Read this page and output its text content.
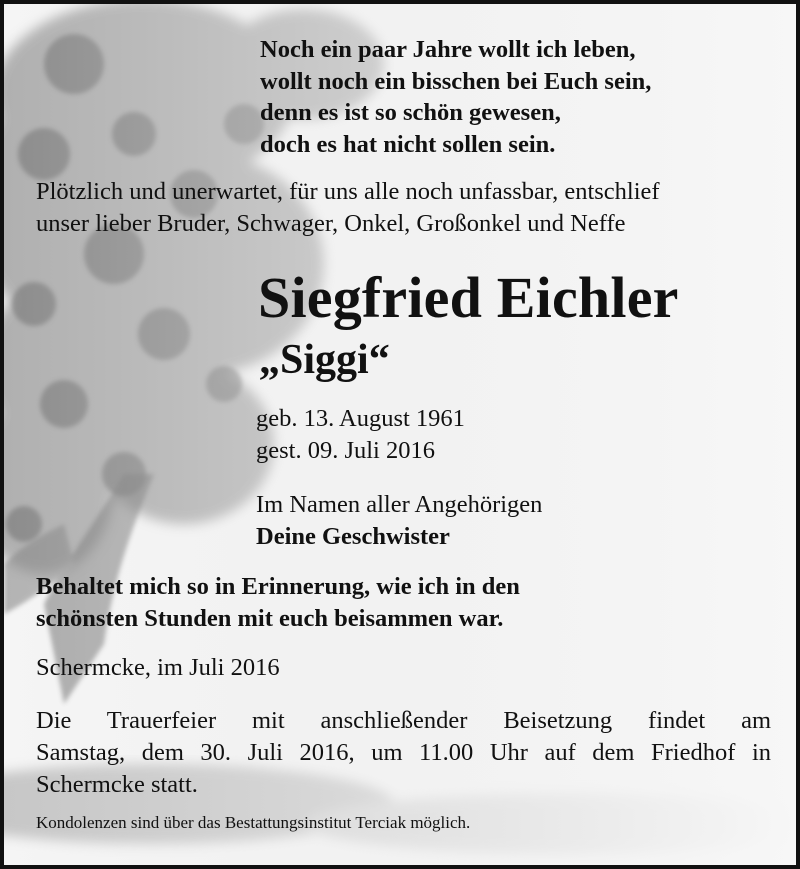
Noch ein paar Jahre wollt ich leben,
wollt noch ein bisschen bei Euch sein,
denn es ist so schön gewesen,
doch es hat nicht sollen sein.
Plötzlich und unerwartet, für uns alle noch unfassbar, entschlief
unser lieber Bruder, Schwager, Onkel, Großonkel und Neffe
Siegfried Eichler
„Siggi“
geb. 13. August 1961
gest. 09. Juli 2016
Im Namen aller Angehörigen
Deine Geschwister
Behaltet mich so in Erinnerung, wie ich in den
schönsten Stunden mit euch beisammen war.
Schermcke, im Juli 2016
Die Trauerfeier mit anschließender Beisetzung findet am
Samstag, dem 30. Juli 2016, um 11.00 Uhr auf dem Friedhof in
Schermcke statt.
Kondolenzen sind über das Bestattungsinstitut Terciak möglich.
